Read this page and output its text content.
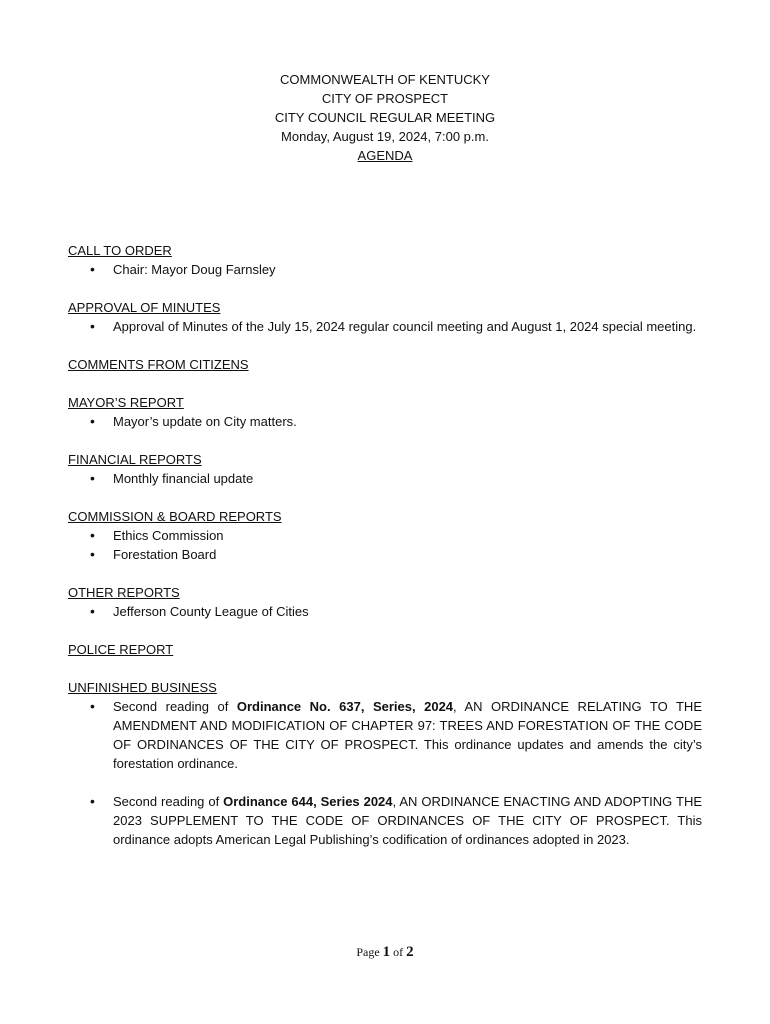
COMMONWEALTH OF KENTUCKY
CITY OF PROSPECT
CITY COUNCIL REGULAR MEETING
Monday, August 19, 2024, 7:00 p.m.
AGENDA
CALL TO ORDER
• Chair: Mayor Doug Farnsley
APPROVAL OF MINUTES
• Approval of Minutes of the July 15, 2024 regular council meeting and August 1, 2024 special meeting.
COMMENTS FROM CITIZENS
MAYOR’S REPORT
• Mayor’s update on City matters.
FINANCIAL REPORTS
• Monthly financial update
COMMISSION & BOARD REPORTS
• Ethics Commission
• Forestation Board
OTHER REPORTS
• Jefferson County League of Cities
POLICE REPORT
UNFINISHED BUSINESS
• Second reading of Ordinance No. 637, Series, 2024, AN ORDINANCE RELATING TO THE AMENDMENT AND MODIFICATION OF CHAPTER 97: TREES AND FORESTATION OF THE CODE OF ORDINANCES OF THE CITY OF PROSPECT. This ordinance updates and amends the city’s forestation ordinance.
• Second reading of Ordinance 644, Series 2024, AN ORDINANCE ENACTING AND ADOPTING THE 2023 SUPPLEMENT TO THE CODE OF ORDINANCES OF THE CITY OF PROSPECT. This ordinance adopts American Legal Publishing’s codification of ordinances adopted in 2023.
Page 1 of 2
